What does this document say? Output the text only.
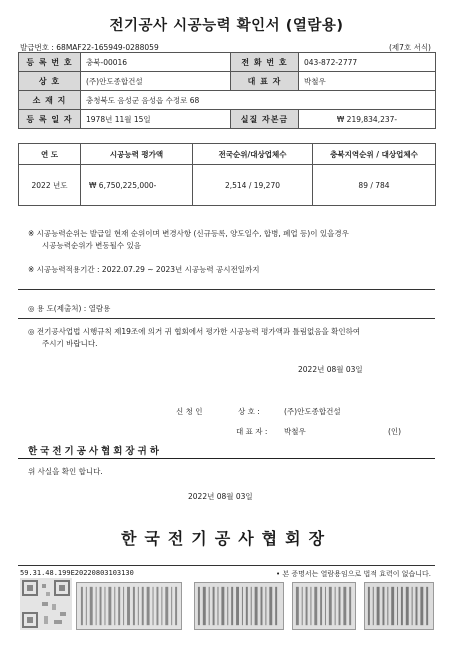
전기공사 시공능력 확인서 (열람용)
발급번호 : 68MAF22-165949-0288059	(제7호 서식)
등 록 번 호	충북-00016	전 화 번 호	043-872-2777
상 호	(주)안도종합건설	대 표 자	박철우
소 재 지	충청북도 음성군 음성읍 수정로 68		
등 록 일 자	1978년 11월 15일	실질 자본금	₩ 219,834,237-
연 도	시공능력 평가액	전국순위/대상업체수	충북지역순위 / 대상업체수
2022 년도	₩ 6,750,225,000-	2,514 / 19,270	89 / 784
※ 시공능력순위는 발급일 현재 순위이며 변경사항 (신규등록, 양도일수, 합병, 폐업 등)이 있을경우
시공능력순위가 변동될수 있음
※ 시공능력적용기간 : 2022.07.29 ~ 2023년 시공능력 공시전일까지
◎ 용 도(제출처) : 열람용
◎ 전기공사업법 시행규칙 제19조에 의거 귀 협회에서 평가한 시공능력 평가액과 틀림없음을 확인하여
주시기 바랍니다.
2022년 08월 03일
신 청 인	상 호 :	(주)안도종합건설
대 표 자 : 박철우	(인)
한국전기공사협회장귀하
위 사실을 확인 합니다.
2022년 08월 03일
한국전기공사협회장
59.31.48.199E20220803103130	• 본 증명서는 열람용임으로 법적 효력이 없습니다.
